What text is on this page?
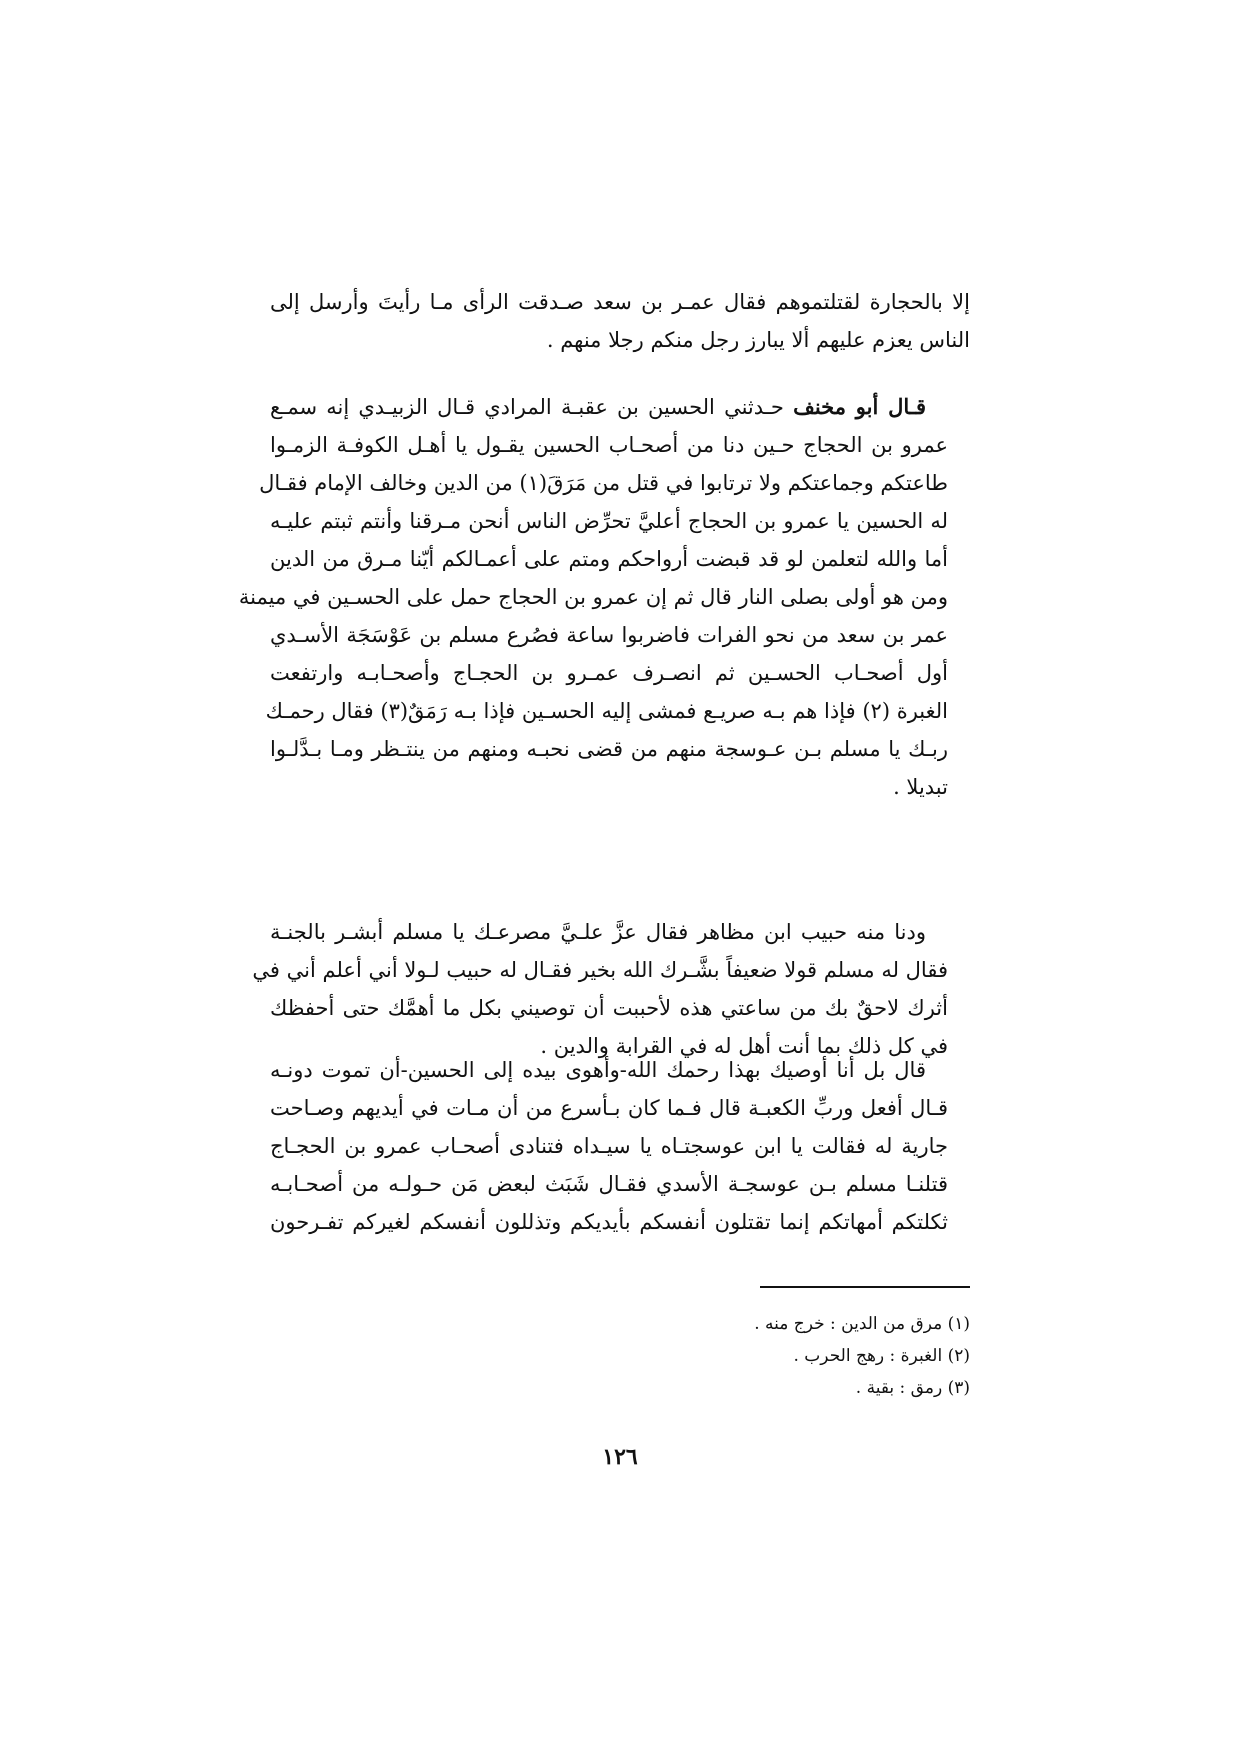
إلا بالحجارة لقتلتموهم فقال عمـر بن سعد صـدقت الرأى مـا رأيتَ وأرسل إلى
الناس يعزم عليهم ألا يبارز رجل منكم رجلا منهم .
قـال أبو مخنف حـدثني الحسين بن عقبـة المرادي قـال الزبيـدي إنه سمـع
عمرو بن الحجاج حـين دنا من أصحـاب الحسين يقـول يا أهـل الكوفـة الزمـوا
طاعتكم وجماعتكم ولا ترتابوا في قتل من مَرَقَ(١) من الدين وخالف الإمام فقـال
له الحسين يا عمرو بن الحجاج أعليَّ تحرِّض الناس أنحن مـرقنا وأنتم ثبتم عليـه
أما والله لتعلمن لو قد قبضت أرواحكم ومتم على أعمـالكم أيّنا مـرق من الدين
ومن هو أولى بصلى النار قال ثم إن عمرو بن الحجاج حمل على الحسـين في ميمنة
عمر بن سعد من نحو الفرات فاضربوا ساعة فصُرع مسلم بن عَوْسَجَة الأسـدي
أول أصحـاب الحسـين ثم انصـرف عمـرو بن الحجـاج وأصحـابـه وارتفعت
الغبرة (٢) فإذا هم بـه صريـع فمشى إليه الحسـين فإذا بـه رَمَقٌ(٣) فقال رحمـك
ربـك يا مسلم بـن عـوسجة منهم من قضى نحبـه ومنهم من ينتـظر ومـا بـدَّلـوا
تبديلا .
ودنا منه حبيب ابن مظاهر فقال عزَّ علـيَّ مصرعـك يا مسلم أبشـر بالجنـة
فقال له مسلم قولا ضعيفاً بشَّـرك الله بخير فقـال له حبيب لـولا أني أعلم أني في
أثرك لاحقٌ بك من ساعتي هذه لأحببت أن توصيني بكل ما أهمَّك حتى أحفظك
في كل ذلك بما أنت أهل له في القرابة والدين .
قال بل أنا أوصيك بهذا رحمك الله-وأهوى بيده إلى الحسين-أن تموت دونـه
قـال أفعل وربِّ الكعبـة قال فـما كان بـأسرع من أن مـات في أيديهم وصـاحت
جارية له فقالت يا ابن عوسجتـاه يا سيـداه فتنادى أصحـاب عمرو بن الحجـاج
قتلنـا مسلم بـن عوسجـة الأسدي فقـال شَبَث لبعض مَن حـولـه من أصحـابـه
ثكلتكم أمهاتكم إنما تقتلون أنفسكم بأيديكم وتذللون أنفسكم لغيركم تفـرحون
(١) مرق من الدين : خرج منه .
(٢) الغبرة : رهج الحرب .
(٣) رمق : بقية .
١٢٦
